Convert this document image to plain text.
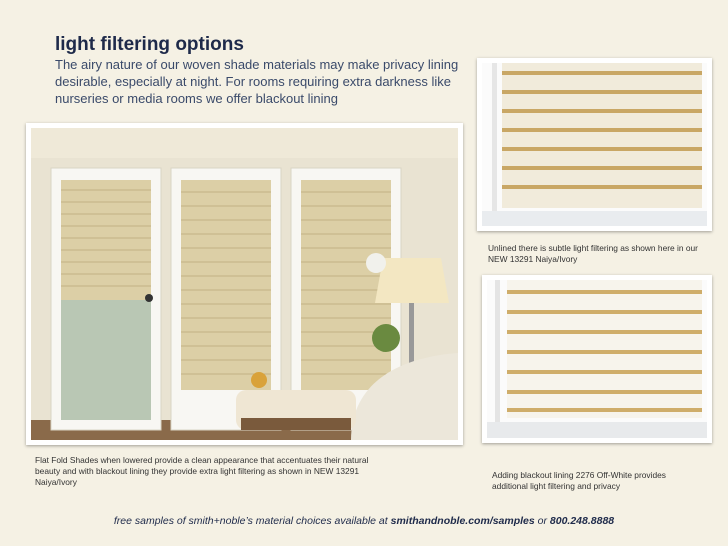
light filtering options
The airy nature of our woven shade materials may make privacy lining desirable, especially at night. For rooms requiring extra darkness like nurseries or media rooms we offer blackout lining
Unlined there is subtle light filtering as shown here in our NEW 13291 Naiya/Ivory
Adding blackout lining 2276 Off-White provides additional light filtering and privacy
Flat Fold Shades when lowered provide a clean appearance that accentuates their natural beauty and with blackout lining they provide extra light filtering as shown in NEW 13291 Naiya/Ivory
free samples of smith+noble’s material choices available at smithandnoble.com/samples or 800.248.8888
